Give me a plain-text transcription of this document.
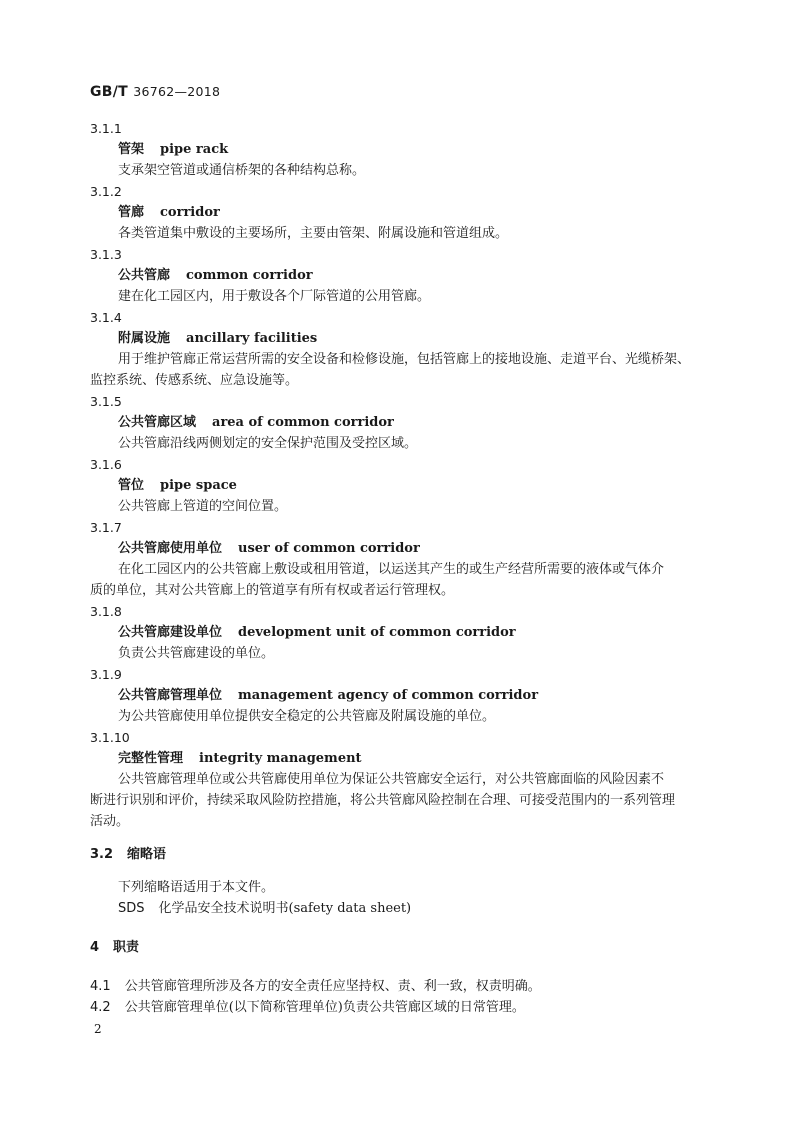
GB/T 36762—2018
3.1.1
管架 pipe rack
支承架空管道或通信桥架的各种结构总称。
3.1.2
管廊 corridor
各类管道集中敷设的主要场所，主要由管架、附属设施和管道组成。
3.1.3
公共管廊 common corridor
建在化工园区内，用于敷设各个厂际管道的公用管廊。
3.1.4
附属设施 ancillary facilities
用于维护管廊正常运营所需的安全设备和检修设施，包括管廊上的接地设施、走道平台、光缆桥架、
监控系统、传感系统、应急设施等。
3.1.5
公共管廊区域 area of common corridor
公共管廊沿线两侧划定的安全保护范围及受控区域。
3.1.6
管位 pipe space
公共管廊上管道的空间位置。
3.1.7
公共管廊使用单位 user of common corridor
在化工园区内的公共管廊上敷设或租用管道，以运送其产生的或生产经营所需要的液体或气体介
质的单位，其对公共管廊上的管道享有所有权或者运行管理权。
3.1.8
公共管廊建设单位 development unit of common corridor
负责公共管廊建设的单位。
3.1.9
公共管廊管理单位 management agency of common corridor
为公共管廊使用单位提供安全稳定的公共管廊及附属设施的单位。
3.1.10
完整性管理 integrity management
公共管廊管理单位或公共管廊使用单位为保证公共管廊安全运行，对公共管廊面临的风险因素不
断进行识别和评价，持续采取风险防控措施，将公共管廊风险控制在合理、可接受范围内的一系列管理
活动。
3.2 缩略语
下列缩略语适用于本文件。
SDS 化学品安全技术说明书(safety data sheet)
4 职责
4.1 公共管廊管理所涉及各方的安全责任应坚持权、责、利一致，权责明确。
4.2 公共管廊管理单位(以下简称管理单位)负责公共管廊区域的日常管理。
2
